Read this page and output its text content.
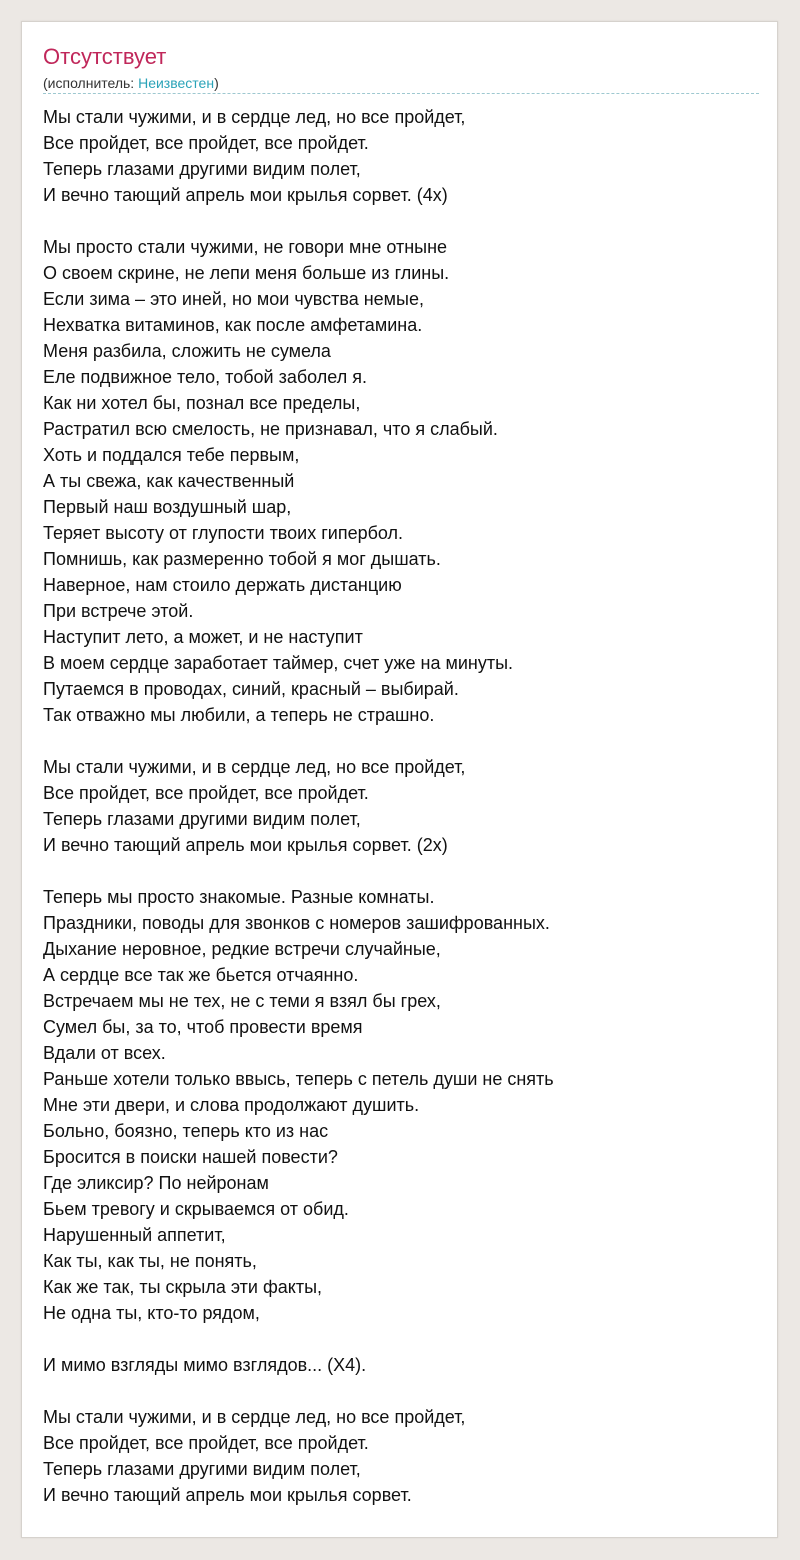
Отсутствует
(исполнитель: Неизвестен)
Мы стали чужими, и в сердце лед, но все пройдет,
Все пройдет, все пройдет, все пройдет.
Теперь глазами другими видим полет,
И вечно тающий апрель мои крылья сорвет. (4х)
Мы просто стали чужими, не говори мне отныне
О своем скрине, не лепи меня больше из глины.
Если зима – это иней, но мои чувства немые,
Нехватка витаминов, как после амфетамина.
Меня разбила, сложить не сумела
Еле подвижное тело, тобой заболел я.
Как ни хотел бы, познал все пределы,
Растратил всю смелость, не признавал, что я слабый.
Хоть и поддался тебе первым,
А ты свежа, как качественный
Первый наш воздушный шар,
Теряет высоту от глупости твоих гипербол.
Помнишь, как размеренно тобой я мог дышать.
Наверное, нам стоило держать дистанцию
При встрече этой.
Наступит лето, а может, и не наступит
В моем сердце заработает таймер, счет уже на минуты.
Путаемся в проводах, синий, красный – выбирай.
Так отважно мы любили, а теперь не страшно.
Мы стали чужими, и в сердце лед, но все пройдет,
Все пройдет, все пройдет, все пройдет.
Теперь глазами другими видим полет,
И вечно тающий апрель мои крылья сорвет. (2х)
Теперь мы просто знакомые. Разные комнаты.
Праздники, поводы для звонков с номеров зашифрованных.
Дыхание неровное, редкие встречи случайные,
А сердце все так же бьется отчаянно.
Встречаем мы не тех, не с теми я взял бы грех,
Сумел бы, за то, чтоб провести время
Вдали от всех.
Раньше хотели только ввысь, теперь с петель души не снять
Мне эти двери, и слова продолжают душить.
Больно, боязно, теперь кто из нас
Бросится в поиски нашей повести?
Где эликсир? По нейронам
Бьем тревогу и скрываемся от обид.
Нарушенный аппетит,
Как ты, как ты, не понять,
Как же так, ты скрыла эти факты,
Не одна ты, кто-то рядом,
И мимо взгляды мимо взглядов... (X4).
Мы стали чужими, и в сердце лед, но все пройдет,
Все пройдет, все пройдет, все пройдет.
Теперь глазами другими видим полет,
И вечно тающий апрель мои крылья сорвет.
